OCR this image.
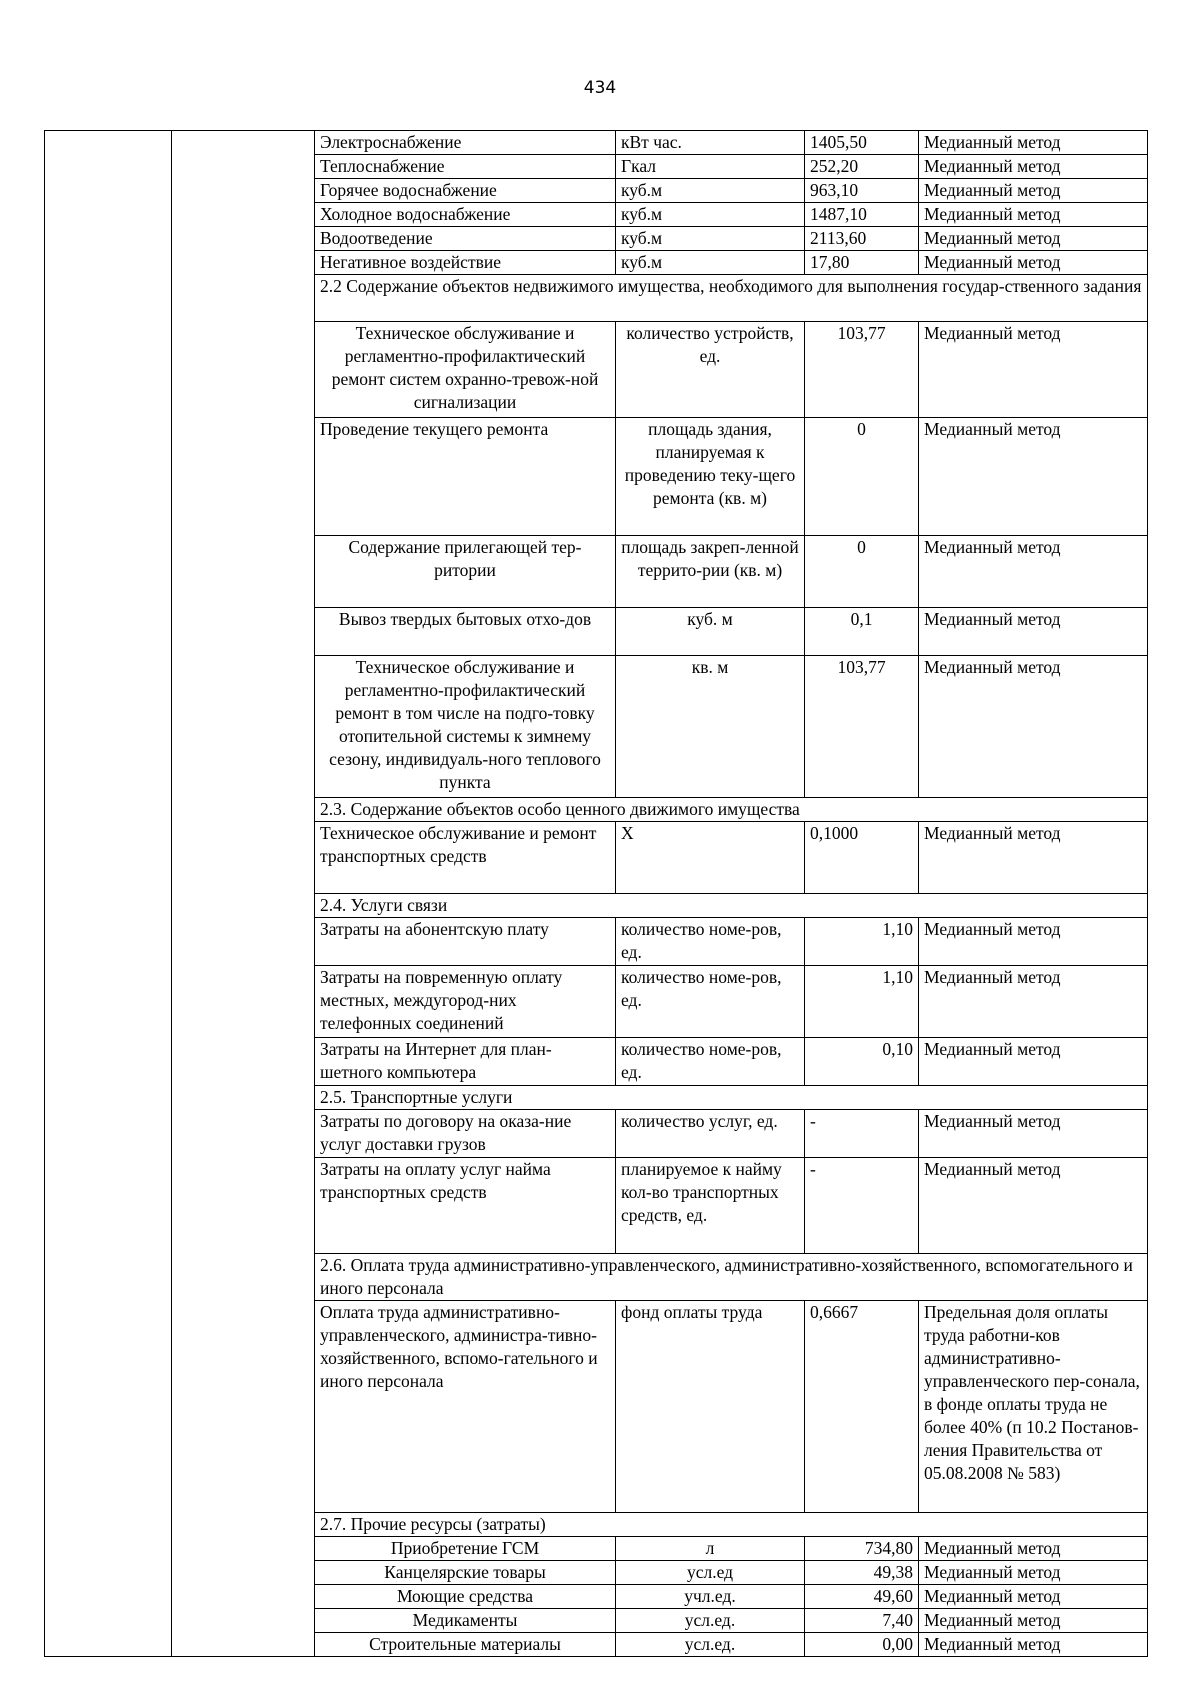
434
		Электроснабжение	кВт час.	1405,50	Медианный метод
		Теплоснабжение	Гкал	252,20	Медианный метод
		Горячее водоснабжение	куб.м	963,10	Медианный метод
		Холодное водоснабжение	куб.м	1487,10	Медианный метод
		Водоотведение	куб.м	2113,60	Медианный метод
		Негативное воздействие	куб.м	17,80	Медианный метод
		2.2 Содержание объектов недвижимого имущества, необходимого для выполнения государ-ственного задания			
		Техническое обслуживание и регламентно-профилактический ремонт систем охранно-тревож-ной сигнализации	количество устройств, ед.	103,77	Медианный метод
		Проведение текущего ремонта	площадь здания, планируемая к проведению теку-щего ремонта (кв. м)	0	Медианный метод
		Содержание прилегающей тер-ритории	площадь закреп-ленной террито-рии (кв. м)	0	Медианный метод
		Вывоз твердых бытовых отхо-дов	куб. м	0,1	Медианный метод
		Техническое обслуживание и регламентно-профилактический ремонт в том числе на подго-товку отопительной системы к зимнему сезону, индивидуаль-ного теплового пункта	кв. м	103,77	Медианный метод
		2.3. Содержание объектов особо ценного движимого имущества			
		Техническое обслуживание и ремонт транспортных средств	Х	0,1000	Медианный метод
		2.4. Услуги связи			
		Затраты на абонентскую плату	количество номе-ров, ед.	1,10	Медианный метод
		Затраты на повременную оплату местных, междугород-них телефонных соединений	количество номе-ров, ед.	1,10	Медианный метод
		Затраты на Интернет для план-шетного компьютера	количество номе-ров, ед.	0,10	Медианный метод
		2.5. Транспортные услуги			
		Затраты по договору на оказа-ние услуг доставки грузов	количество услуг, ед.	-	Медианный метод
		Затраты на оплату услуг найма транспортных средств	планируемое к найму кол-во транспортных средств, ед.	-	Медианный метод
		2.6. Оплата труда административно-управленческого, административно-хозяйственного, вспомогательного и иного персонала			
		Оплата труда административно-управленческого, администра-тивно-хозяйственного, вспомо-гательного и иного персонала	фонд оплаты труда	0,6667	Предельная доля оплаты труда работни-ков административно-управленческого пер-сонала, в фонде оплаты труда не более 40% (п 10.2 Постанов-ления Правительства от 05.08.2008 № 583)
		2.7. Прочие ресурсы (затраты)			
		Приобретение ГСМ	л	734,80	Медианный метод
		Канцелярские товары	усл.ед	49,38	Медианный метод
		Моющие средства	учл.ед.	49,60	Медианный метод
		Медикаменты	усл.ед.	7,40	Медианный метод
		Строительные материалы	усл.ед.	0,00	Медианный метод
